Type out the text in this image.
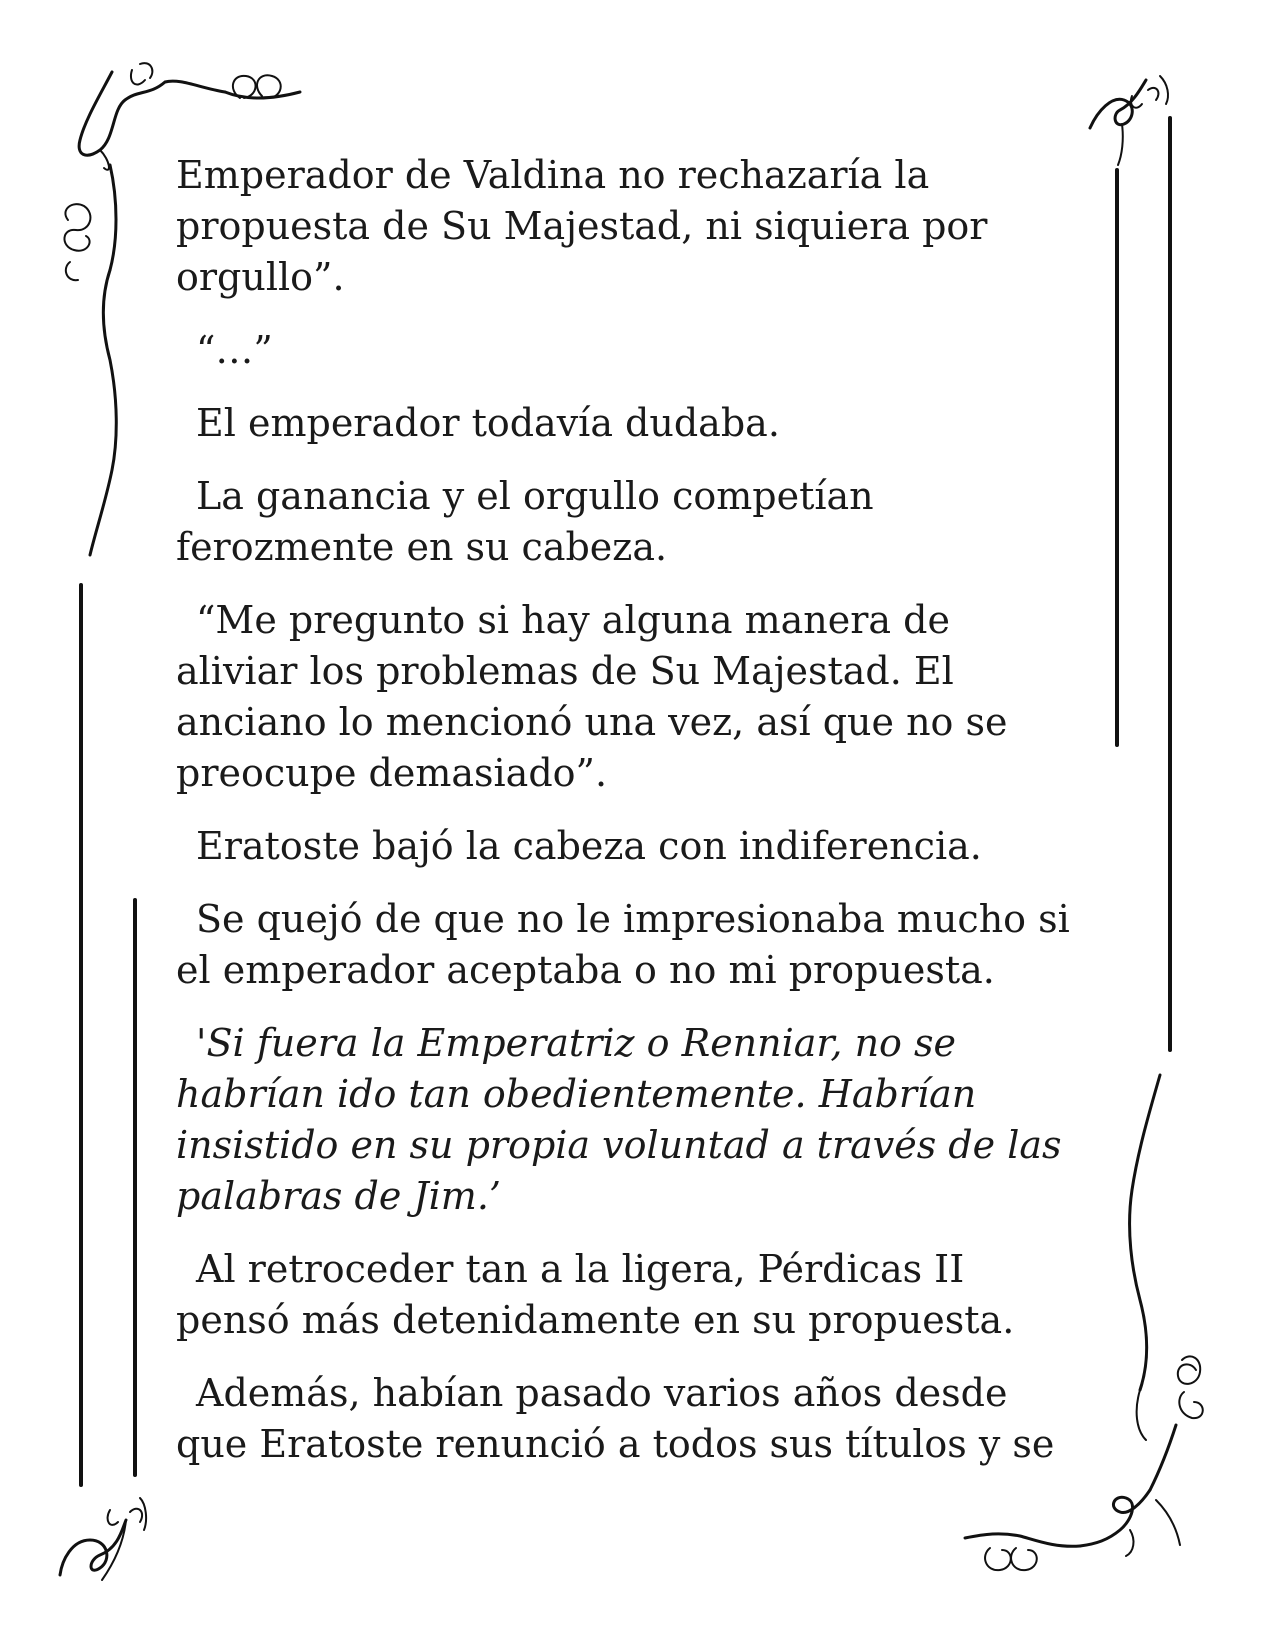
Emperador de Valdina no rechazaría la
propuesta de Su Majestad, ni siquiera por
orgullo”.

“…”

El emperador todavía dudaba.

La ganancia y el orgullo competían
ferozmente en su cabeza.

“Me pregunto si hay alguna manera de
aliviar los problemas de Su Majestad. El
anciano lo mencionó una vez, así que no se
preocupe demasiado”.

Eratoste bajó la cabeza con indiferencia.

Se quejó de que no le impresionaba mucho si
el emperador aceptaba o no mi propuesta.

'Si fuera la Emperatriz o Renniar, no se
habrían ido tan obedientemente. Habrían
insistido en su propia voluntad a través de las
palabras de Jim.’

Al retroceder tan a la ligera, Pérdicas II
pensó más detenidamente en su propuesta.

Además, habían pasado varios años desde
que Eratoste renunció a todos sus títulos y se
